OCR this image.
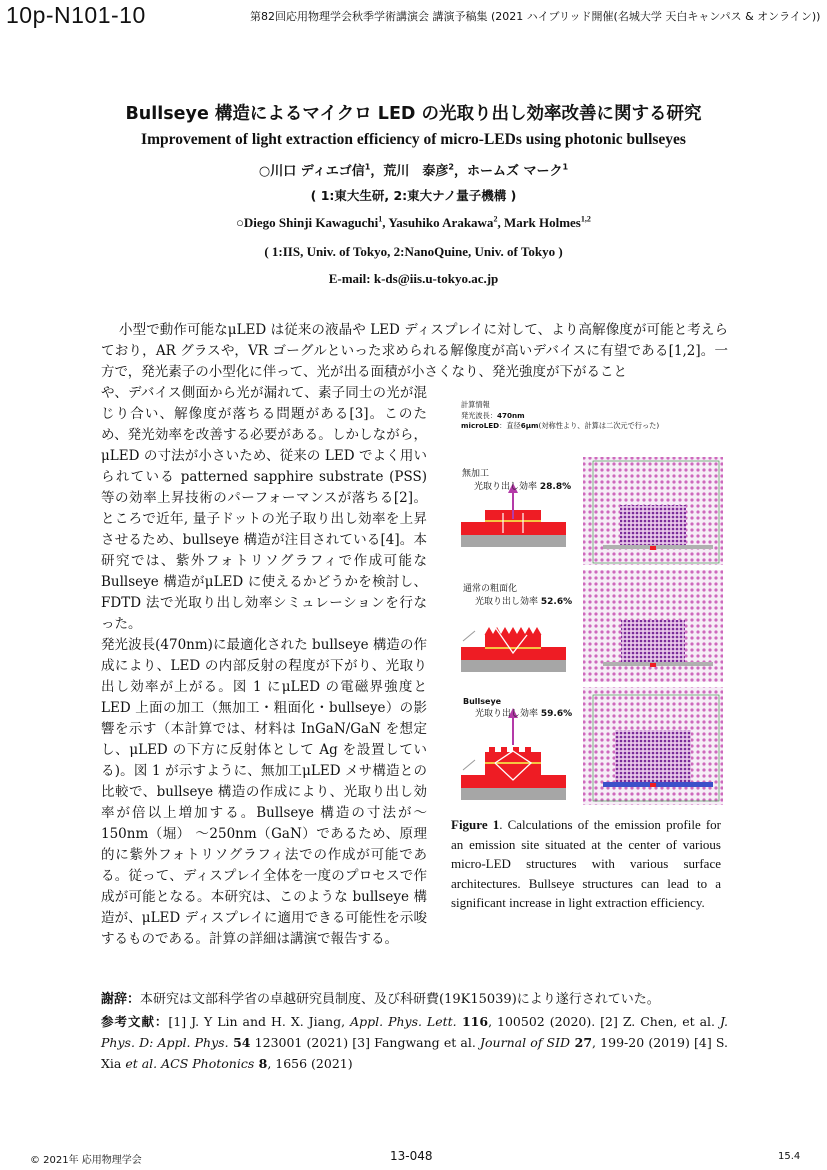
10p-N101-10	第82回応用物理学会秋季学術講演会 講演予稿集 (2021 ハイブリッド開催(名城大学 天白キャンパス & オンライン))
Bullseye 構造によるマイクロ LED の光取り出し効率改善に関する研究
Improvement of light extraction efficiency of micro-LEDs using photonic bullseyes
○川口 ディエゴ信$^1$，荒川　泰彦$^2$，ホームズ マーク$^1$
( 1:東大生研, 2:東大ナノ量子機構 )
○Diego Shinji Kawaguchi$^1$, Yasuhiko Arakawa$^2$, Mark Holmes$^{1,2}$
( 1:IIS, Univ. of Tokyo, 2:NanoQuine, Univ. of Tokyo )
E-mail: k-ds@iis.u-tokyo.ac.jp
小型で動作可能なμLED は従来の液晶や LED ディスプレイに対して、より高解像度が可能と考えらており，AR グラスや，VR ゴーグルといった求められる解像度が高いデバイスに有望である[1,2]。一方で，発光素子の小型化に伴って、光が出る面積が小さくなり、発光強度が下がること

や、デバイス側面から光が漏れて、素子同士の光が混じり合い、解像度が落ちる問題がある[3]。このため、発光効率を改善する必要がある。しかしながら，μLED の寸法が小さいため、従来の LED でよく用いられている patterned sapphire substrate (PSS) 等の効率上昇技術のパーフォーマンスが落ちる[2]。ところで近年, 量子ドットの光子取り出し効率を上昇させるため、bullseye 構造が注目されている[4]。本研究では、紫外フォトリソグラフィで作成可能な Bullseye 構造がμLED に使えるかどうかを検討し、FDTD 法で光取り出し効率シミュレーションを行なった。

発光波長(470nm)に最適化された bullseye 構造の作成により、LED の内部反射の程度が下がり、光取り出し効率が上がる。図 1 にμLED の電磁界強度と LED 上面の加工（無加工・粗面化・bullseye）の影響を示す（本計算では、材料は InGaN/GaN を想定し、μLED の下方に反射体として Ag を設置している)。図 1 が示すように、無加工μLED メサ構造との比較で、bullseye 構造の作成により、光取り出し効率が倍以上増加する。Bullseye 構造の寸法が〜150nm（堀） 〜250nm（GaN）であるため、原理的に紫外フォトリソグラフィ法での作成が可能である。従って、ディスプレイ全体を一度のプロセスで作成が可能となる。本研究は、このような bullseye 構造が、μLED ディスプレイに適用できる可能性を示唆するものである。計算の詳細は講演で報告する。

計算情報
発光波長：470nm
microLED：直径6μm(対称性より、計算は二次元で行った)
無加工
光取り出し効率 28.8%
通常の粗面化
光取り出し効率 52.6%
Bullseye
光取り出し効率 59.6%
Figure 1. Calculations of the emission profile for an emission site situated at the center of various micro-LED structures with various surface architectures. Bullseye structures can lead to a significant increase in light extraction efficiency.
謝辞：本研究は文部科学省の卓越研究員制度、及び科研費(19K15039)により遂行されていた。
参考文献：[1] J. Y Lin and H. X. Jiang, Appl. Phys. Lett. 116, 100502 (2020). [2] Z. Chen, et al. J. Phys. D: Appl. Phys. 54 123001 (2021) [3] Fangwang et al. Journal of SID 27, 199-20 (2019) [4] S. Xia et al. ACS Photonics 8, 1656 (2021)
© 2021年 応用物理学会	13-048	15.4
